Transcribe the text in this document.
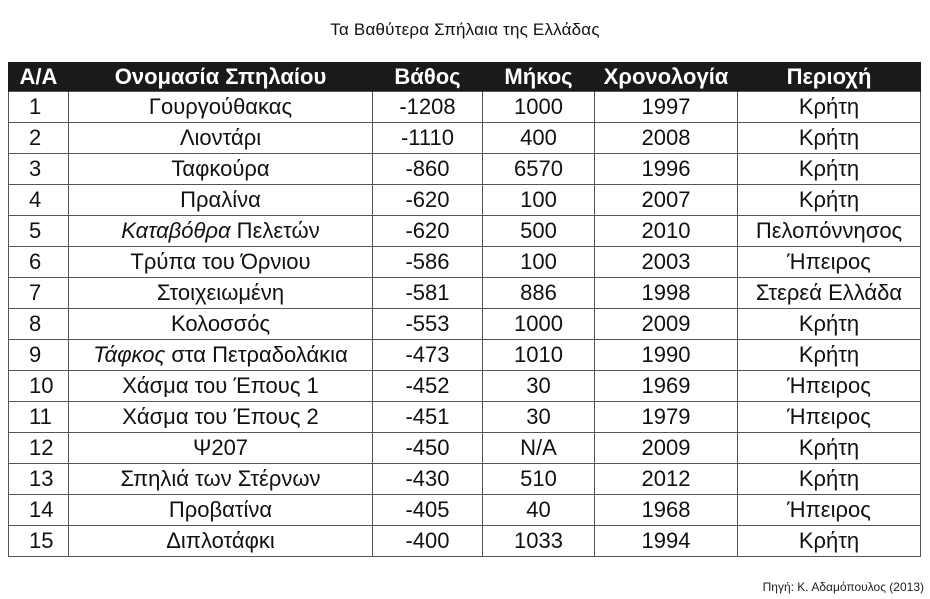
Τα Βαθύτερα Σπήλαια της Ελλάδας
Α/Α	Ονομασία Σπηλαίου	Βάθος	Μήκος	Χρονολογία	Περιοχή
1	Γουργούθακας	-1208	1000	1997	Κρήτη
2	Λιοντάρι	-1110	400	2008	Κρήτη
3	Ταφκούρα	-860	6570	1996	Κρήτη
4	Πραλίνα	-620	100	2007	Κρήτη
5	Καταβόθρα Πελετών	-620	500	2010	Πελοπόννησος
6	Τρύπα του Όρνιου	-586	100	2003	Ήπειρος
7	Στοιχειωμένη	-581	886	1998	Στερεά Ελλάδα
8	Κολοσσός	-553	1000	2009	Κρήτη
9	Τάφκος στα Πετραδολάκια	-473	1010	1990	Κρήτη
10	Χάσμα του Έπους 1	-452	30	1969	Ήπειρος
11	Χάσμα του Έπους 2	-451	30	1979	Ήπειρος
12	Ψ207	-450	N/A	2009	Κρήτη
13	Σπηλιά των Στέρνων	-430	510	2012	Κρήτη
14	Προβατίνα	-405	40	1968	Ήπειρος
15	Διπλοτάφκι	-400	1033	1994	Κρήτη
Πηγή: Κ. Αδαμόπουλος (2013)
